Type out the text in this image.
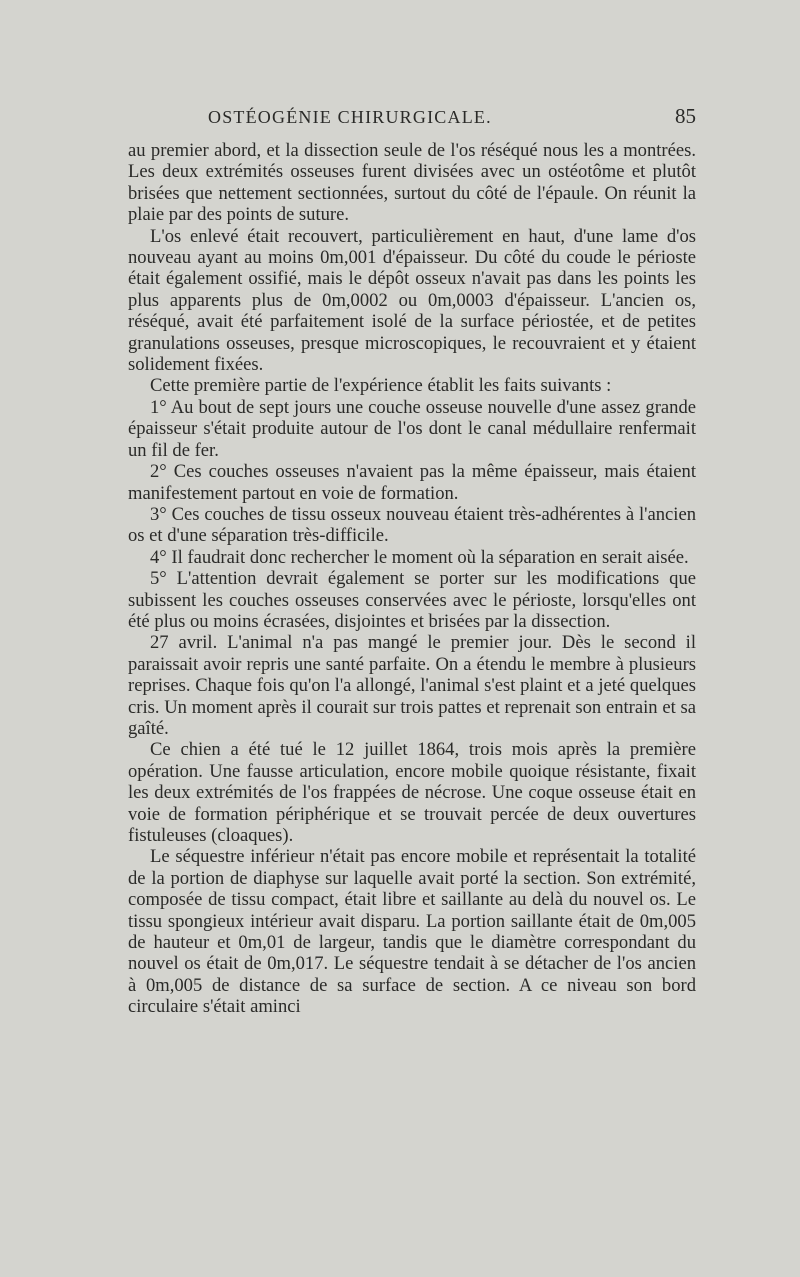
OSTÉOGÉNIE CHIRURGICALE.	85

au premier abord, et la dissection seule de l'os réséqué nous les a montrées. Les deux extrémités osseuses furent divisées avec un ostéotôme et plutôt brisées que nettement sectionnées, surtout du côté de l'épaule. On réunit la plaie par des points de suture.

L'os enlevé était recouvert, particulièrement en haut, d'une lame d'os nouveau ayant au moins 0m,001 d'épaisseur. Du côté du coude le périoste était également ossifié, mais le dépôt osseux n'avait pas dans les points les plus apparents plus de 0m,0002 ou 0m,0003 d'épaisseur. L'ancien os, réséqué, avait été parfaitement isolé de la surface périostée, et de petites granulations osseuses, presque microscopiques, le recouvraient et y étaient solidement fixées.

Cette première partie de l'expérience établit les faits suivants :

1° Au bout de sept jours une couche osseuse nouvelle d'une assez grande épaisseur s'était produite autour de l'os dont le canal médullaire renfermait un fil de fer.

2° Ces couches osseuses n'avaient pas la même épaisseur, mais étaient manifestement partout en voie de formation.

3° Ces couches de tissu osseux nouveau étaient très-adhérentes à l'ancien os et d'une séparation très-difficile.

4° Il faudrait donc rechercher le moment où la séparation en serait aisée.

5° L'attention devrait également se porter sur les modifications que subissent les couches osseuses conservées avec le périoste, lorsqu'elles ont été plus ou moins écrasées, disjointes et brisées par la dissection.

27 avril. L'animal n'a pas mangé le premier jour. Dès le second il paraissait avoir repris une santé parfaite. On a étendu le membre à plusieurs reprises. Chaque fois qu'on l'a allongé, l'animal s'est plaint et a jeté quelques cris. Un moment après il courait sur trois pattes et reprenait son entrain et sa gaîté.

Ce chien a été tué le 12 juillet 1864, trois mois après la première opération. Une fausse articulation, encore mobile quoique résistante, fixait les deux extrémités de l'os frappées de nécrose. Une coque osseuse était en voie de formation périphérique et se trouvait percée de deux ouvertures fistuleuses (cloaques).

Le séquestre inférieur n'était pas encore mobile et représentait la totalité de la portion de diaphyse sur laquelle avait porté la section. Son extrémité, composée de tissu compact, était libre et saillante au delà du nouvel os. Le tissu spongieux intérieur avait disparu. La portion saillante était de 0m,005 de hauteur et 0m,01 de largeur, tandis que le diamètre correspondant du nouvel os était de 0m,017. Le séquestre tendait à se détacher de l'os ancien à 0m,005 de distance de sa surface de section. A ce niveau son bord circulaire s'était aminci
